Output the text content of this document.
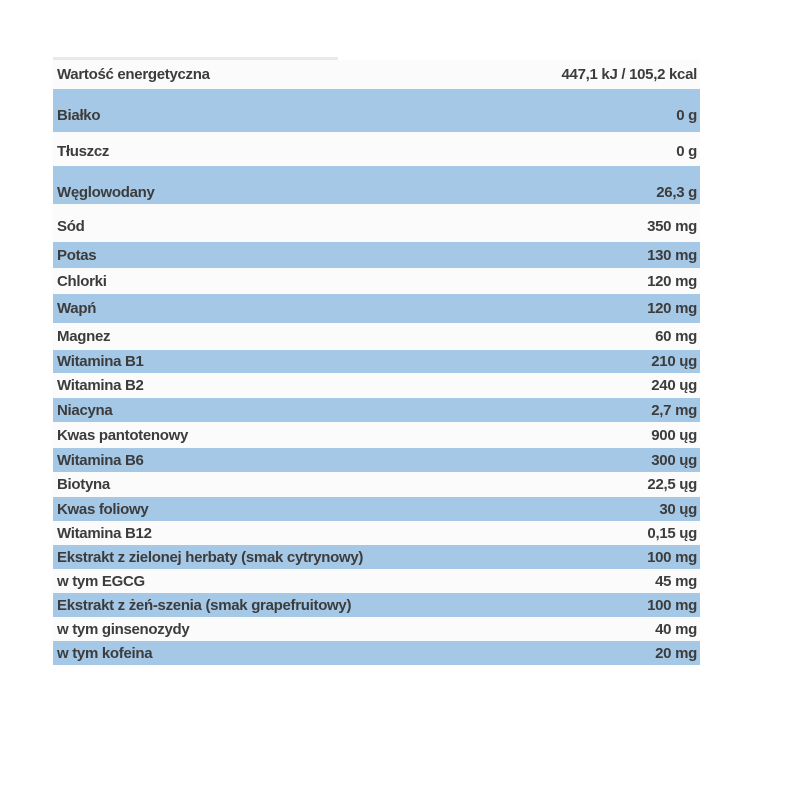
Wartość energetyczna	447,1 kJ / 105,2 kcal
Białko	0 g
Tłuszcz	0 g
Węglowodany	26,3 g
Sód	350 mg
Potas	130 mg
Chlorki	120 mg
Wapń	120 mg
Magnez	60 mg
Witamina B1	210 ųg
Witamina B2	240 ųg
Niacyna	2,7 mg
Kwas pantotenowy	900 ųg
Witamina B6	300 ųg
Biotyna	22,5 ųg
Kwas foliowy	30 ųg
Witamina B12	0,15 ųg
Ekstrakt z zielonej herbaty (smak cytrynowy)	100 mg
w tym EGCG	45 mg
Ekstrakt z żeń-szenia (smak grapefruitowy)	100 mg
w tym ginsenozydy	40 mg
w tym kofeina	20 mg
